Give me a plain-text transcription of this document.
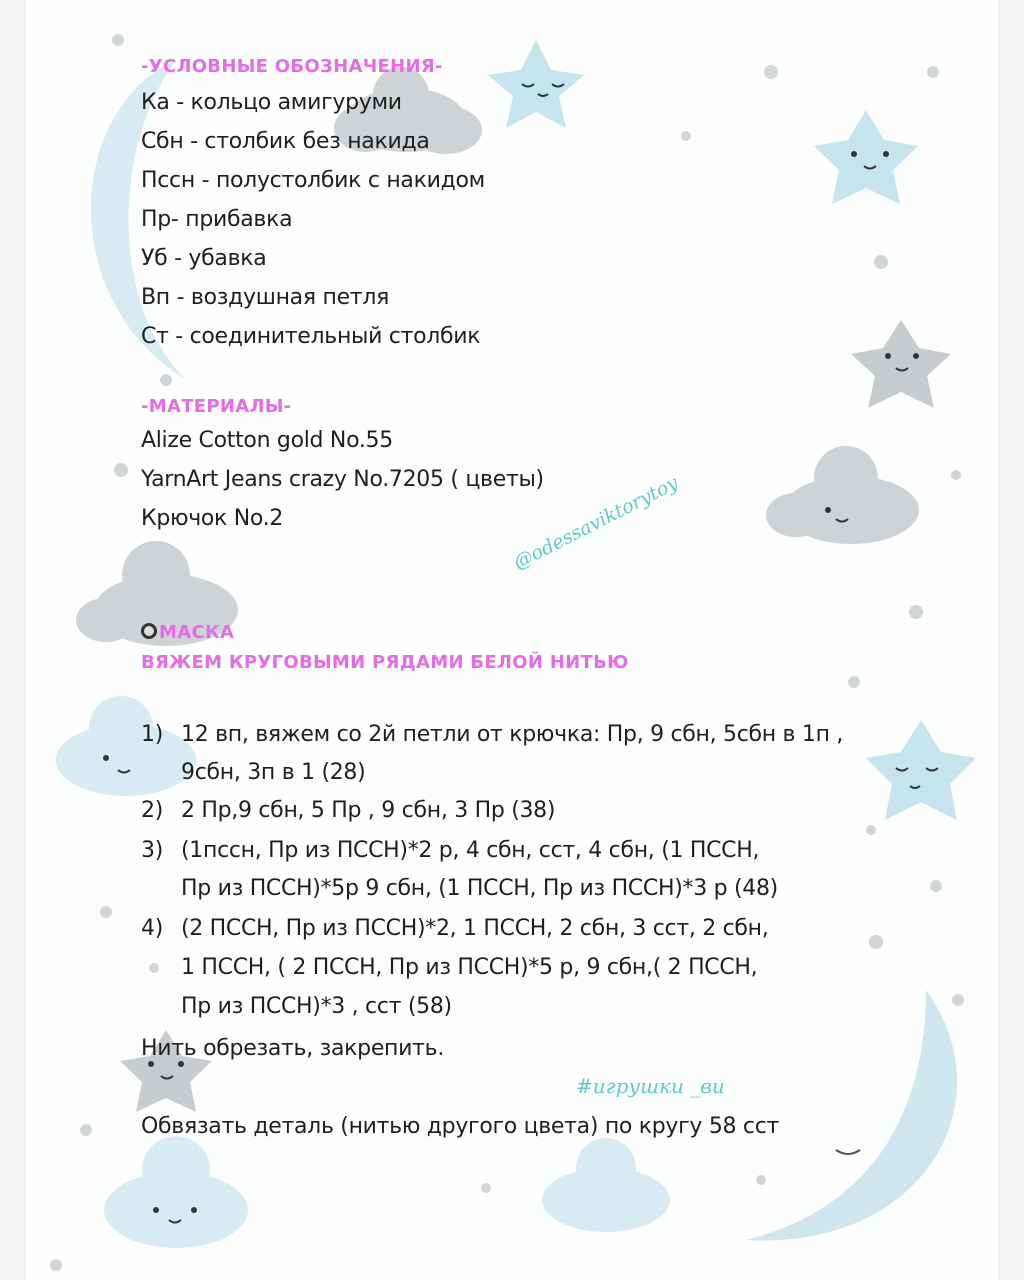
-УСЛОВНЫЕ ОБОЗНАЧЕНИЯ-
Ка - кольцо амигуруми
Сбн - столбик без накида
Пссн - полустолбик с накидом
Пр- прибавка
Уб - убавка
Вп - воздушная петля
Ст - соединительный столбик
-МАТЕРИАЛЫ-
Alize Cotton gold No.55
YarnArt Jeans crazy No.7205 ( цветы)
Крючок No.2	@odessaviktorytoy
МАСКА
ВЯЖЕМ КРУГОВЫМИ РЯДАМИ БЕЛОЙ НИТЬЮ
1) 12 вп, вяжем со 2й петли от крючка: Пр, 9 сбн, 5сбн в 1п ,
9сбн, 3п в 1 (28)
2) 2 Пр,9 сбн, 5 Пр , 9 сбн, 3 Пр (38)
3) (1пссн, Пр из ПССН)*2 р, 4 сбн, сст, 4 сбн, (1 ПССН,
Пр из ПССН)*5р 9 сбн, (1 ПССН, Пр из ПССН)*3 р (48)
4) (2 ПССН, Пр из ПССН)*2, 1 ПССН, 2 сбн, 3 сст, 2 сбн,
1 ПССН, ( 2 ПССН, Пр из ПССН)*5 р, 9 сбн,( 2 ПССН,
Пр из ПССН)*3 , сст (58)
Нить обрезать, закрепить.
#игрушки _ви
Обвязать деталь (нитью другого цвета) по кругу 58 сст
